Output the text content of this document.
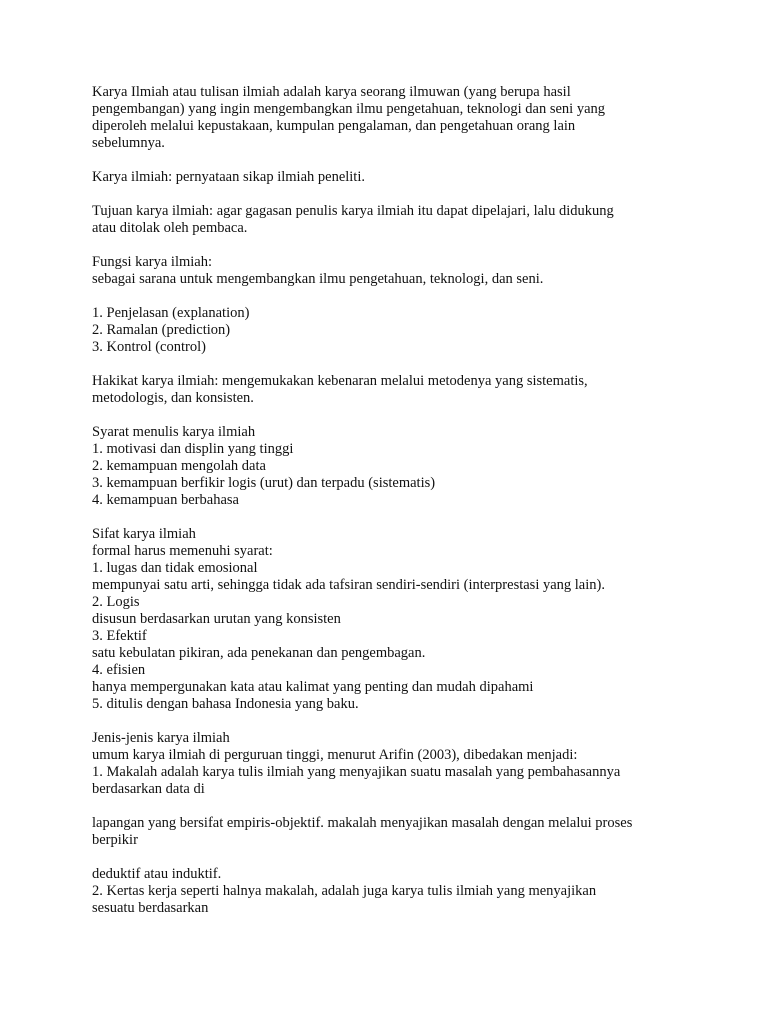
Karya Ilmiah atau tulisan ilmiah adalah karya seorang ilmuwan (yang berupa hasil
pengembangan) yang ingin mengembangkan ilmu pengetahuan, teknologi dan seni yang
diperoleh melalui kepustakaan, kumpulan pengalaman, dan pengetahuan orang lain
sebelumnya.
Karya ilmiah: pernyataan sikap ilmiah peneliti.
Tujuan karya ilmiah: agar gagasan penulis karya ilmiah itu dapat dipelajari, lalu didukung
atau ditolak oleh pembaca.
Fungsi karya ilmiah:
sebagai sarana untuk mengembangkan ilmu pengetahuan, teknologi, dan seni.
1. Penjelasan (explanation)
2. Ramalan (prediction)
3. Kontrol (control)
Hakikat karya ilmiah: mengemukakan kebenaran melalui metodenya yang sistematis,
metodologis, dan konsisten.
Syarat menulis karya ilmiah
1. motivasi dan displin yang tinggi
2. kemampuan mengolah data
3. kemampuan berfikir logis (urut) dan terpadu (sistematis)
4. kemampuan berbahasa
Sifat karya ilmiah
formal harus memenuhi syarat:
1. lugas dan tidak emosional
mempunyai satu arti, sehingga tidak ada tafsiran sendiri-sendiri (interprestasi yang lain).
2. Logis
disusun berdasarkan urutan yang konsisten
3. Efektif
satu kebulatan pikiran, ada penekanan dan pengembagan.
4. efisien
hanya mempergunakan kata atau kalimat yang penting dan mudah dipahami
5. ditulis dengan bahasa Indonesia yang baku.
Jenis-jenis karya ilmiah
umum karya ilmiah di perguruan tinggi, menurut Arifin (2003), dibedakan menjadi:
1. Makalah adalah karya tulis ilmiah yang menyajikan suatu masalah yang pembahasannya
berdasarkan data di
lapangan yang bersifat empiris-objektif. makalah menyajikan masalah dengan melalui proses
berpikir
deduktif atau induktif.
2. Kertas kerja seperti halnya makalah, adalah juga karya tulis ilmiah yang menyajikan
sesuatu berdasarkan
